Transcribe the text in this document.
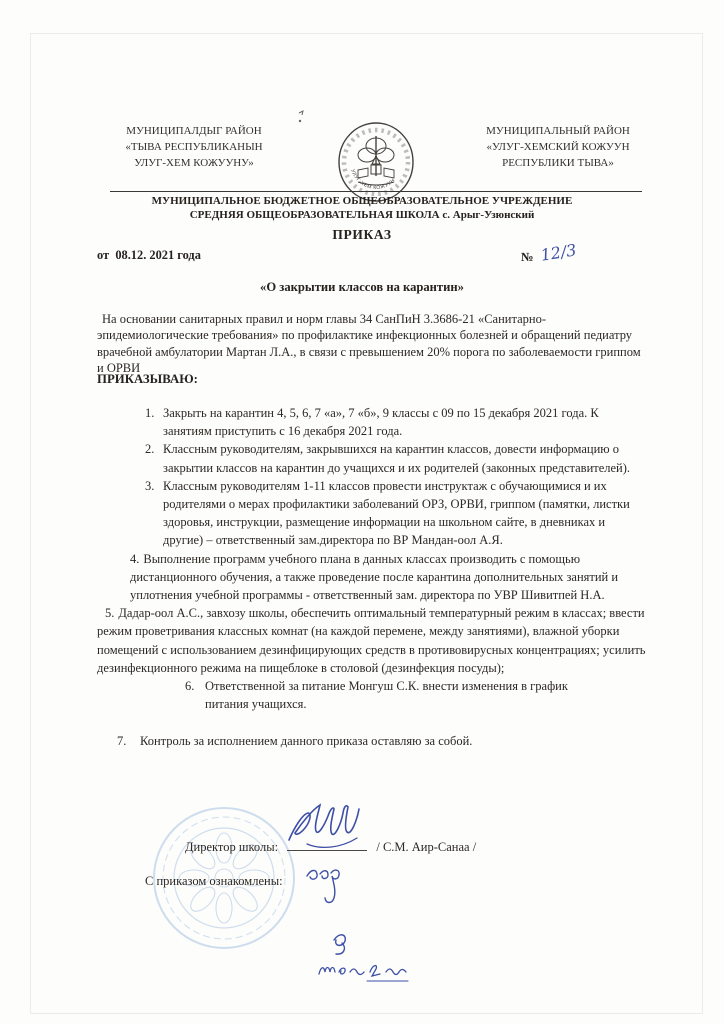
МУНИЦИПАЛДЫГ РАЙОН
«ТЫВА РЕСПУБЛИКАНЫН
УЛУГ-ХЕМ КОЖУУНУ»
УЛУГ-ХЕМ КОЖУУН
МУНИЦИПАЛЬНЫЙ РАЙОН
«УЛУГ-ХЕМСКИЙ КОЖУУН
РЕСПУБЛИКИ ТЫВА»
МУНИЦИПАЛЬНОЕ БЮДЖЕТНОЕ ОБЩЕОБРАЗОВАТЕЛЬНОЕ УЧРЕЖДЕНИЕ
СРЕДНЯЯ ОБЩЕОБРАЗОВАТЕЛЬНАЯ ШКОЛА с. Арыг-Узюнский
ПРИКАЗ
от  08.12. 2021 года	№ 12/3
«О закрытии классов на карантин»
На основании санитарных правил и норм главы 34 СанПиН 3.3686-21 «Санитарно-эпидемиологические требования» по профилактике инфекционных болезней и обращений педиатру врачебной амбулатории Мартан Л.А., в связи с превышением 20% порога по заболеваемости гриппом и ОРВИ
ПРИКАЗЫВАЮ:
1. Закрыть на карантин 4, 5, 6, 7 «а», 7 «б», 9 классы с 09 по 15 декабря 2021 года. К занятиям приступить с 16 декабря 2021 года.
2. Классным руководителям, закрывшихся на карантин классов, довести информацию о закрытии классов на карантин до учащихся и их родителей (законных представителей).
3. Классным руководителям 1-11 классов провести инструктаж с обучающимися и их родителями о мерах профилактики заболеваний ОРЗ, ОРВИ, гриппом (памятки, листки здоровья, инструкции, размещение информации на школьном сайте, в дневниках и другие) – ответственный зам.директора по ВР Мандан-оол А.Я.
4. Выполнение программ учебного плана в данных классах производить с помощью дистанционного обучения, а также проведение после карантина дополнительных занятий и уплотнения учебной программы - ответственный зам. директора по УВР Шивитпей Н.А.
5. Дадар-оол А.С., завхозу школы, обеспечить оптимальный температурный режим в классах; ввести режим проветривания классных комнат (на каждой перемене, между занятиями), влажной уборки помещений с использованием дезинфицирующих средств в противовирусных концентрациях; усилить дезинфекционного режима на пищеблоке в столовой (дезинфекция посуды);
6. Ответственной за питание Монгуш С.К. внести изменения в график питания учащихся.
7.	Контроль за исполнением данного приказа оставляю за собой.
Директор школы:	/ С.М. Аир-Санаа /
С приказом ознакомлены:
